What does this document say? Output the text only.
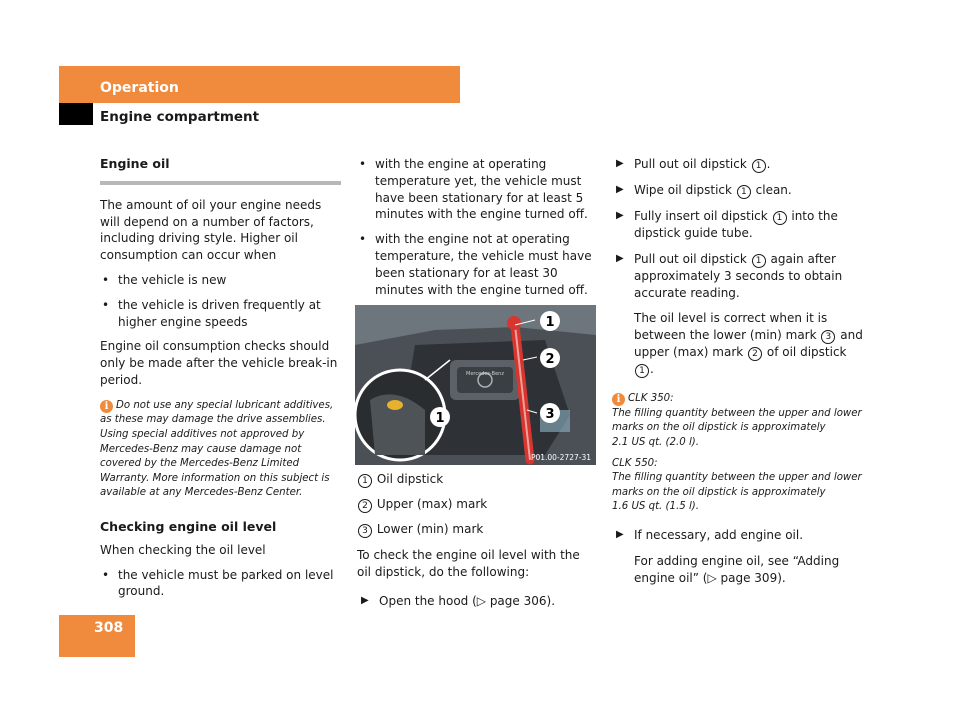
Operation
Engine compartment

Engine oil

The amount of oil your engine needs will depend on a number of factors, including driving style. Higher oil consumption can occur when

• the vehicle is new
• the vehicle is driven frequently at higher engine speeds

Engine oil consumption checks should only be made after the vehicle break-in period.

i Do not use any special lubricant additives, as these may damage the drive assemblies. Using special additives not approved by Mercedes-Benz may cause damage not covered by the Mercedes-Benz Limited Warranty. More information on this subject is available at any Mercedes-Benz Center.

Checking engine oil level

When checking the oil level

• the vehicle must be parked on level ground.
• with the engine at operating temperature yet, the vehicle must have been stationary for at least 5 minutes with the engine turned off.
• with the engine not at operating temperature, the vehicle must have been stationary for at least 30 minutes with the engine turned off.
1
2
3
1
Mercedes-Benz
P01.00-2727-31

1 Oil dipstick

2 Upper (max) mark

3 Lower (min) mark

To check the engine oil level with the oil dipstick, do the following:

▶ Open the hood (▷ page 306).
▶ Pull out oil dipstick 1 .
▶ Wipe oil dipstick 1 clean.
▶ Fully insert oil dipstick 1 into the dipstick guide tube.
▶ Pull out oil dipstick 1 again after approximately 3 seconds to obtain accurate reading.
The oil level is correct when it is between the lower (min) mark 3 and upper (max) mark 2 of oil dipstick 1 .

i CLK 350:
The filling quantity between the upper and lower marks on the oil dipstick is approximately
2.1 US qt. (2.0 l).

CLK 550:
The filling quantity between the upper and lower marks on the oil dipstick is approximately
1.6 US qt. (1.5 l).

▶ If necessary, add engine oil.
For adding engine oil, see “Adding engine oil” (▷ page 309).
308
